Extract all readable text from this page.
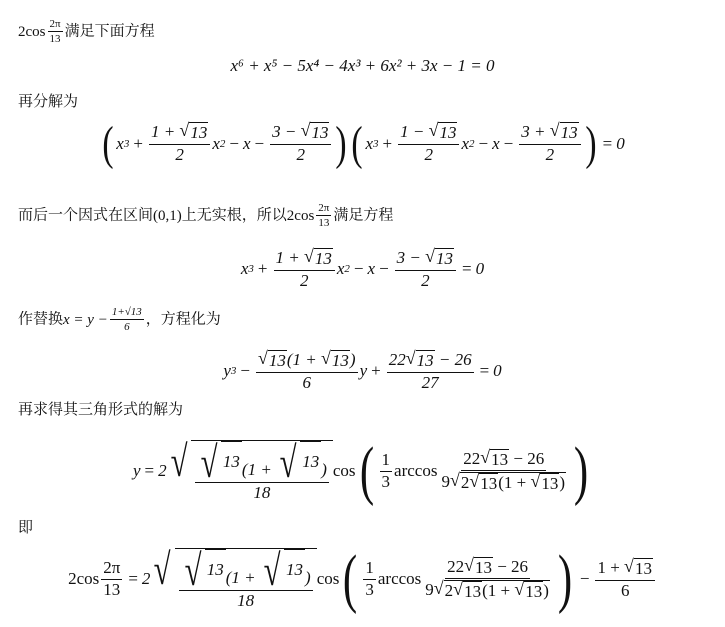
$2\cos \frac{2\pi}{13}$ 满足下面方程
x⁶ + x⁵ − 5x⁴ − 4x³ + 6x² + 3x − 1 = 0
再分解为
( x $3 + \frac{1 + √ 13}{2}$ x $2 - x - \frac{3 - √ 13}{2}$ ) ( x $3 + \frac{1 - √ 13}{2}$ x $2 - x - \frac{3 + √ 13}{2}$ ) = 0
而后一个因式在区间(0,1)上无实根，所以 $2\cos \frac{2\pi}{13}$ 满足方程
x $3 + \frac{1 + √ 13}{2}$ x $2 - x - \frac{3 - √ 13}{2} = 0$
作替换 $x = y - \frac{1+√13}{6}$ ，方程化为
y $3 - \frac{√ 13 (1 + √ 13 )}{6}$ $y + \frac{22 √ 13 - 26}{27} = 0$
再求得其三角形式的解为
y = 2 √ $\frac{√ 13 (1 + √ 13 )}{18}$ cos ( $\frac{1}{3}$ $\arccos \frac{22 √ 13 - 26}{9 √ 2 √ 13 (1 + √ 13 )}$ )
即
$2\cos \frac{2\pi}{13} = 2$ √ $\frac{√ 13 (1 + √ 13 )}{18}$ cos ( $\frac{1}{3}$ $\arccos \frac{22 √ 13 - 26}{9 √ 2 √ 13 (1 + √ 13 )}$ ) − $\frac{1 + √ 13}{6}$
